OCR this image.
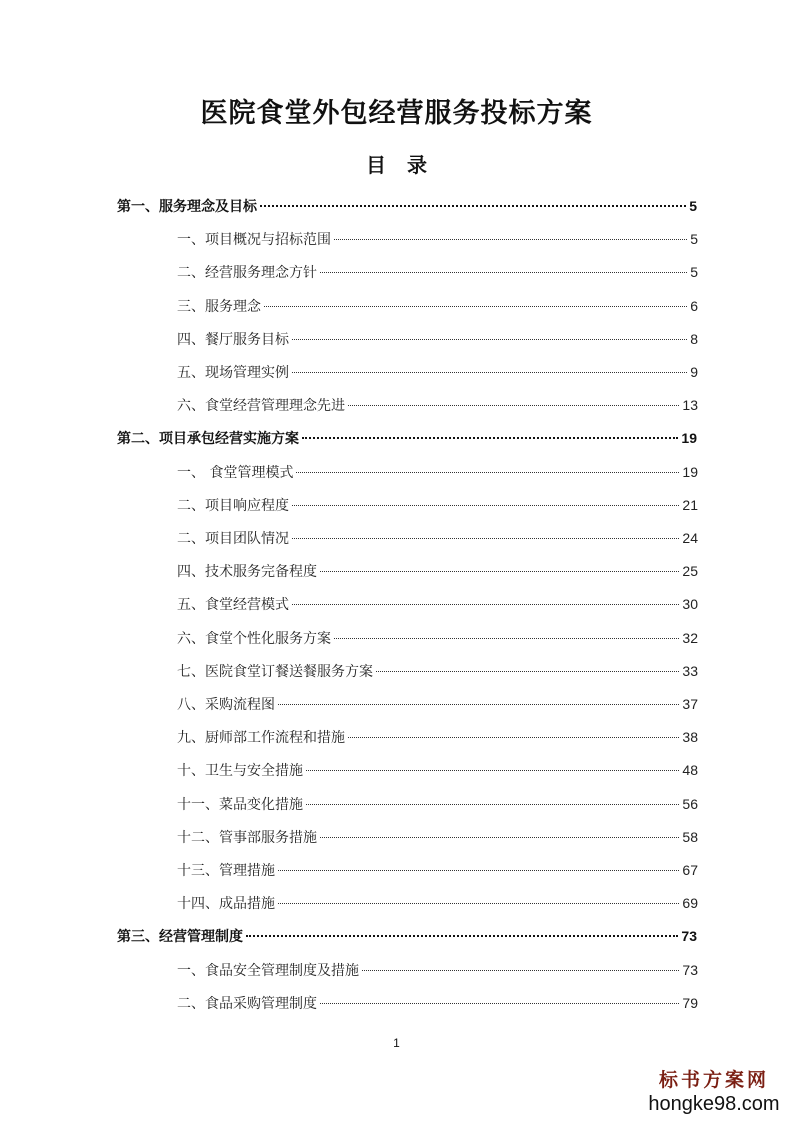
医院食堂外包经营服务投标方案
目 录
第一、服务理念及目标	5
一、项目概况与招标范围	5
二、经营服务理念方针	5
三、服务理念	6
四、餐厅服务目标	8
五、现场管理实例	9
六、食堂经营管理理念先进	13
第二、项目承包经营实施方案	19
一、 食堂管理模式	19
二、项目响应程度	21
二、项目团队情况	24
四、技术服务完备程度	25
五、食堂经营模式	30
六、食堂个性化服务方案	32
七、医院食堂订餐送餐服务方案	33
八、采购流程图	37
九、厨师部工作流程和措施	38
十、卫生与安全措施	48
十一、菜品变化措施	56
十二、管事部服务措施	58
十三、管理措施	67
十四、成品措施	69
第三、经营管理制度	73
一、食品安全管理制度及措施	73
二、食品采购管理制度	79
1
标书方案网
hongke98.com
